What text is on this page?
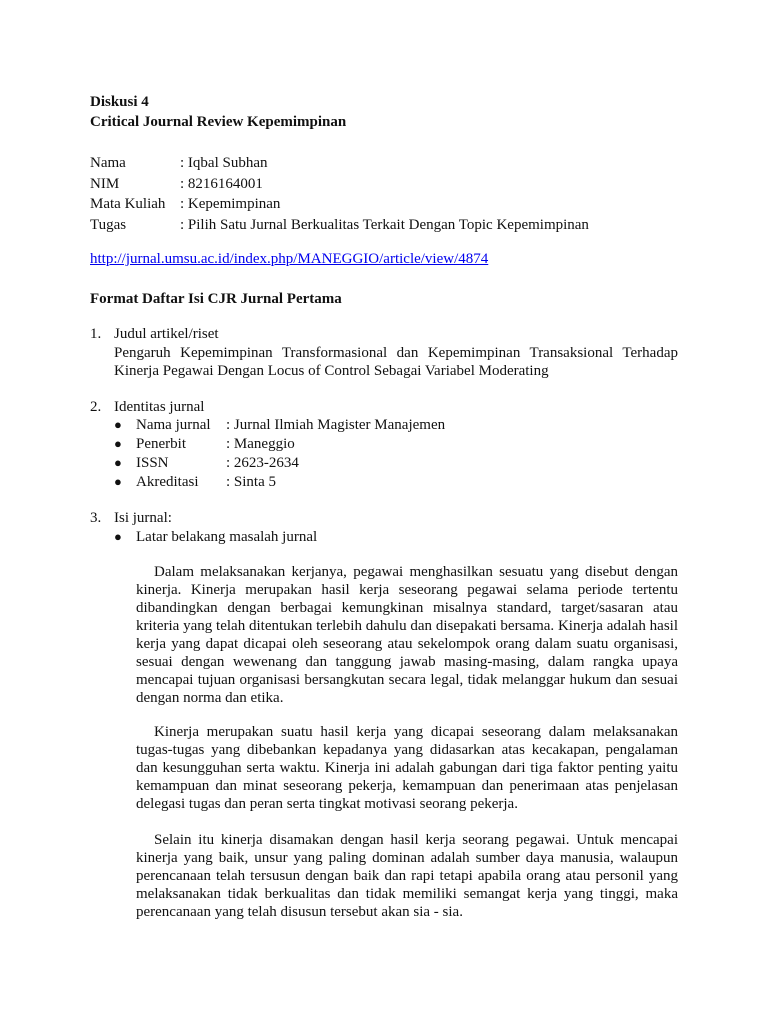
Diskusi 4
Critical Journal Review Kepemimpinan
Nama	: Iqbal Subhan
NIM	: 8216164001
Mata Kuliah : Kepemimpinan
Tugas	: Pilih Satu Jurnal Berkualitas Terkait Dengan Topic Kepemimpinan
http://jurnal.umsu.ac.id/index.php/MANEGGIO/article/view/4874
Format Daftar Isi CJR Jurnal Pertama
1. Judul artikel/riset
Pengaruh Kepemimpinan Transformasional dan Kepemimpinan Transaksional Terhadap Kinerja Pegawai Dengan Locus of Control Sebagai Variabel Moderating
2. Identitas jurnal
● Nama jurnal : Jurnal Ilmiah Magister Manajemen
● Penerbit	: Maneggio
● ISSN	: 2623-2634
● Akreditasi : Sinta 5
3. Isi jurnal:
● Latar belakang masalah jurnal
Dalam melaksanakan kerjanya, pegawai menghasilkan sesuatu yang disebut dengan kinerja. Kinerja merupakan hasil kerja seseorang pegawai selama periode tertentu dibandingkan dengan berbagai kemungkinan misalnya standard, target/sasaran atau kriteria yang telah ditentukan terlebih dahulu dan disepakati bersama. Kinerja adalah hasil kerja yang dapat dicapai oleh seseorang atau sekelompok orang dalam suatu organisasi, sesuai dengan wewenang dan tanggung jawab masing-masing, dalam rangka upaya mencapai tujuan organisasi bersangkutan secara legal, tidak melanggar hukum dan sesuai dengan norma dan etika.
Kinerja merupakan suatu hasil kerja yang dicapai seseorang dalam melaksanakan tugas-tugas yang dibebankan kepadanya yang didasarkan atas kecakapan, pengalaman dan kesungguhan serta waktu. Kinerja ini adalah gabungan dari tiga faktor penting yaitu kemampuan dan minat seseorang pekerja, kemampuan dan penerimaan atas penjelasan delegasi tugas dan peran serta tingkat motivasi seorang pekerja.
Selain itu kinerja disamakan dengan hasil kerja seorang pegawai. Untuk mencapai kinerja yang baik, unsur yang paling dominan adalah sumber daya manusia, walaupun perencanaan telah tersusun dengan baik dan rapi tetapi apabila orang atau personil yang melaksanakan tidak berkualitas dan tidak memiliki semangat kerja yang tinggi, maka perencanaan yang telah disusun tersebut akan sia - sia.
